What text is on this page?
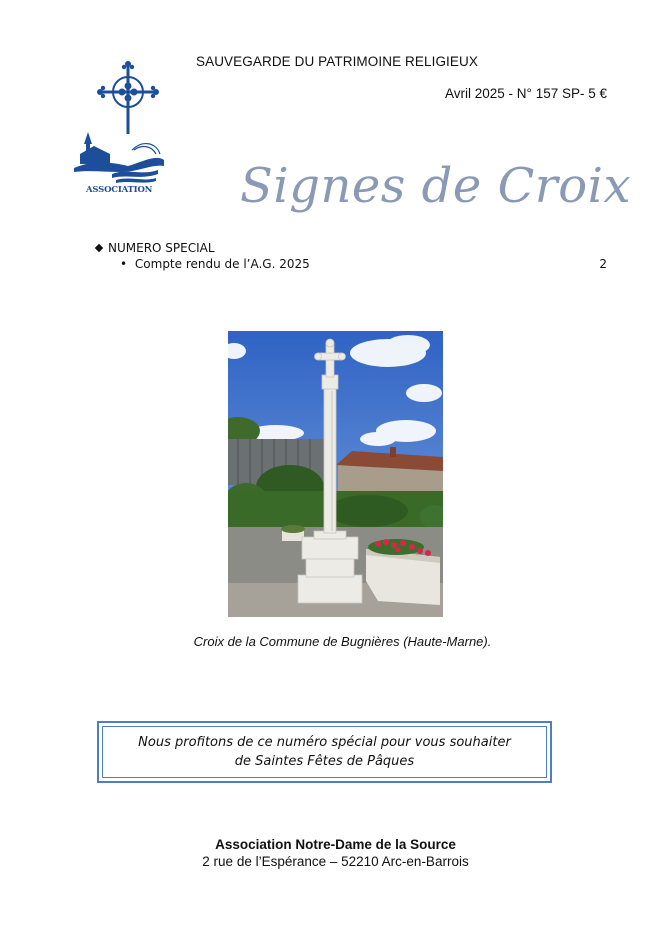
SAUVEGARDE DU PATRIMOINE RELIGIEUX
Avril 2025 - N° 157 SP- 5 €
ASSOCIATION Signes de Croix
NUMERO SPECIAL
• Compte rendu de l’A.G. 2025	2
Croix de la Commune de Bugnières (Haute-Marne).
Nous profitons de ce numéro spécial pour vous souhaiter
de Saintes Fêtes de Pâques
Association Notre-Dame de la Source
2 rue de l’Espérance – 52210 Arc-en-Barrois
